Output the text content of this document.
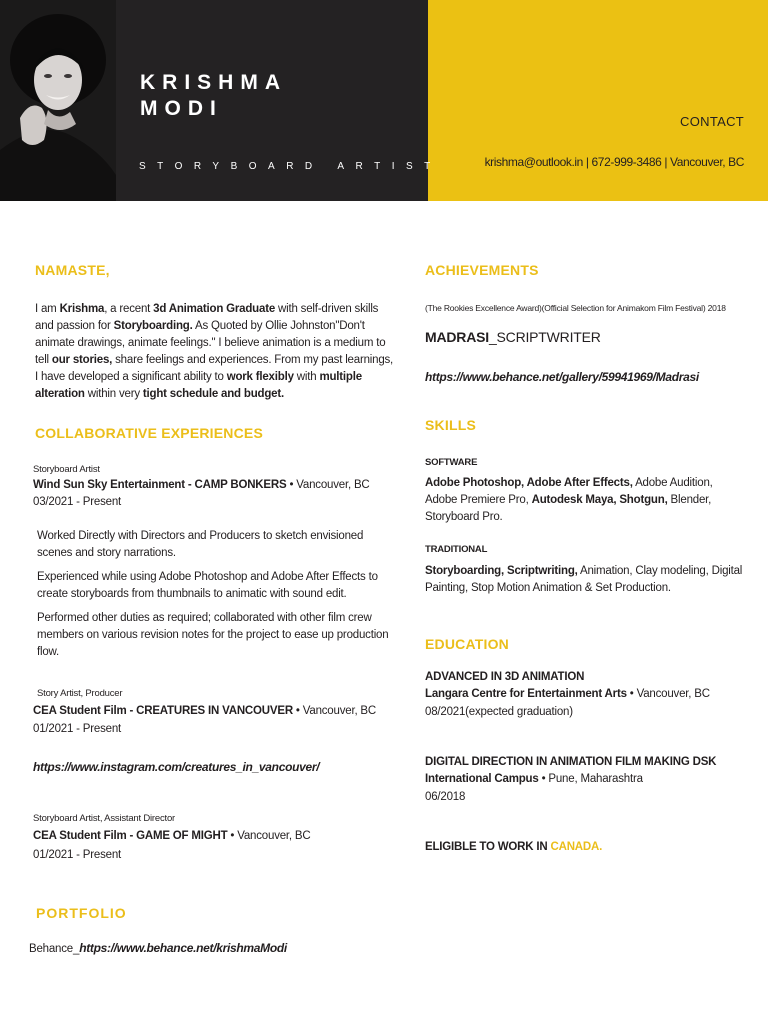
KRISHMA
MODI
STORYBOARD ARTIST
CONTACT
krishma@outlook.in | 672-999-3486 | Vancouver, BC
NAMASTE,
I am Krishma, a recent 3d Animation Graduate with self-driven skills and passion for Storyboarding. As Quoted by Ollie Johnston"Don't animate drawings, animate feelings." I believe animation is a medium to tell our stories, share feelings and experiences. From my past learnings, I have developed a significant ability to work flexibly with multiple alteration within very tight schedule and budget.
COLLABORATIVE EXPERIENCES
Storyboard Artist
Wind Sun Sky Entertainment - CAMP BONKERS • Vancouver, BC
03/2021 - Present
Worked Directly with Directors and Producers to sketch envisioned scenes and story narrations.
Experienced while using Adobe Photoshop and Adobe After Effects to create storyboards from thumbnails to animatic with sound edit.
Performed other duties as required; collaborated with other film crew members on various revision notes for the project to ease up production flow.
Story Artist, Producer
CEA Student Film - CREATURES IN VANCOUVER • Vancouver, BC
01/2021 - Present
https://www.instagram.com/creatures_in_vancouver/
Storyboard Artist, Assistant Director
CEA Student Film - GAME OF MIGHT • Vancouver, BC
01/2021 - Present
PORTFOLIO
Behance_https://www.behance.net/krishmaModi
ACHIEVEMENTS
(The Rookies Excellence Award)(Official Selection for Animakom Film Festival) 2018
MADRASI_SCRIPTWRITER
https://www.behance.net/gallery/59941969/Madrasi
SKILLS
SOFTWARE
Adobe Photoshop, Adobe After Effects, Adobe Audition, Adobe Premiere Pro, Autodesk Maya, Shotgun, Blender, Storyboard Pro.
TRADITIONAL
Storyboarding, Scriptwriting, Animation, Clay modeling, Digital Painting, Stop Motion Animation & Set Production.
EDUCATION
ADVANCED IN 3D ANIMATION
Langara Centre for Entertainment Arts • Vancouver, BC
08/2021(expected graduation)
DIGITAL DIRECTION IN ANIMATION FILM MAKING DSK
International Campus • Pune, Maharashtra
06/2018
ELIGIBLE TO WORK IN CANADA.
